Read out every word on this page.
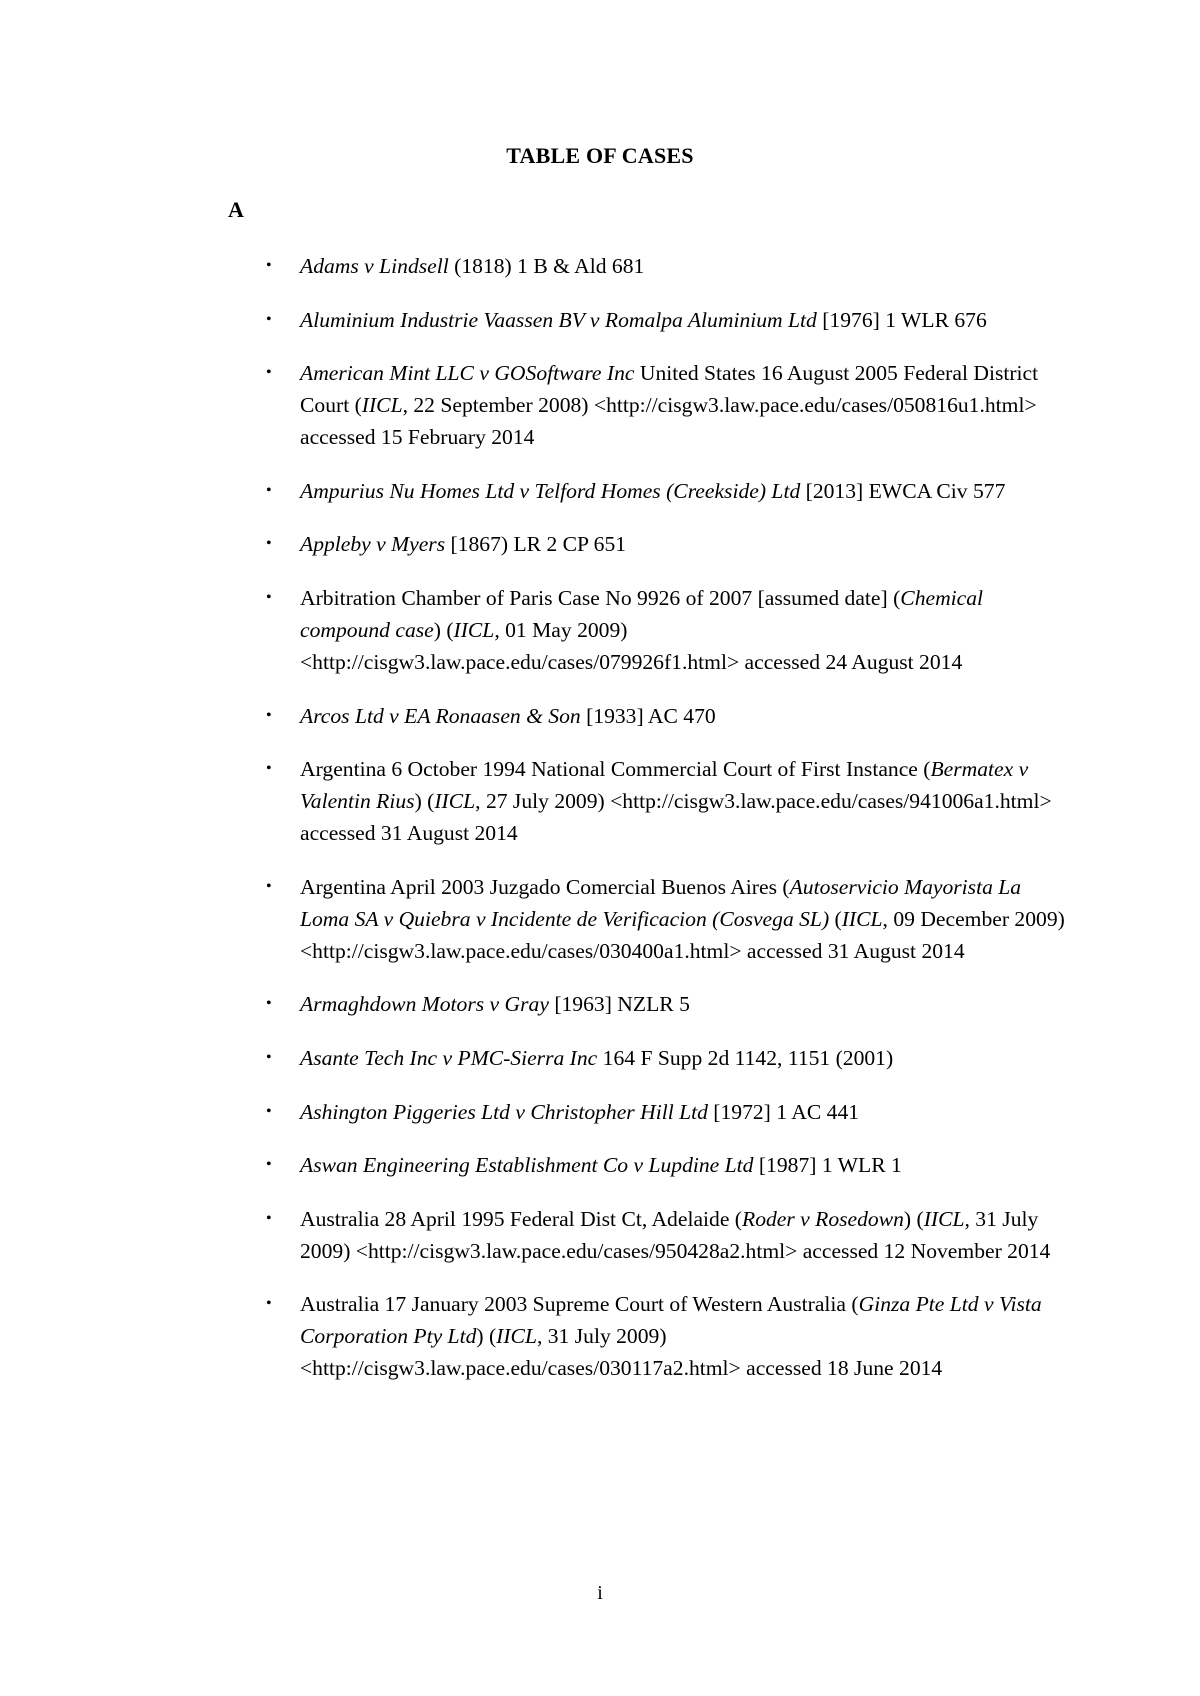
TABLE OF CASES
A
• Adams v Lindsell (1818) 1 B & Ald 681
• Aluminium Industrie Vaassen BV v Romalpa Aluminium Ltd [1976] 1 WLR 676
• American Mint LLC v GOSoftware Inc United States 16 August 2005 Federal District Court (IICL, 22 September 2008) <http://cisgw3.law.pace.edu/cases/050816u1.html> accessed 15 February 2014
• Ampurius Nu Homes Ltd v Telford Homes (Creekside) Ltd [2013] EWCA Civ 577
• Appleby v Myers [1867) LR 2 CP 651
• Arbitration Chamber of Paris Case No 9926 of 2007 [assumed date] (Chemical compound case) (IICL, 01 May 2009) <http://cisgw3.law.pace.edu/cases/079926f1.html> accessed 24 August 2014
• Arcos Ltd v EA Ronaasen & Son [1933] AC 470
• Argentina 6 October 1994 National Commercial Court of First Instance (Bermatex v Valentin Rius) (IICL, 27 July 2009) <http://cisgw3.law.pace.edu/cases/941006a1.html> accessed 31 August 2014
• Argentina April 2003 Juzgado Comercial Buenos Aires (Autoservicio Mayorista La Loma SA v Quiebra v Incidente de Verificacion (Cosvega SL) (IICL, 09 December 2009) <http://cisgw3.law.pace.edu/cases/030400a1.html> accessed 31 August 2014
• Armaghdown Motors v Gray [1963] NZLR 5
• Asante Tech Inc v PMC-Sierra Inc 164 F Supp 2d 1142, 1151 (2001)
• Ashington Piggeries Ltd v Christopher Hill Ltd [1972] 1 AC 441
• Aswan Engineering Establishment Co v Lupdine Ltd [1987] 1 WLR 1
• Australia 28 April 1995 Federal Dist Ct, Adelaide (Roder v Rosedown) (IICL, 31 July 2009) <http://cisgw3.law.pace.edu/cases/950428a2.html> accessed 12 November 2014
• Australia 17 January 2003 Supreme Court of Western Australia (Ginza Pte Ltd v Vista Corporation Pty Ltd) (IICL, 31 July 2009) <http://cisgw3.law.pace.edu/cases/030117a2.html> accessed 18 June 2014
i
